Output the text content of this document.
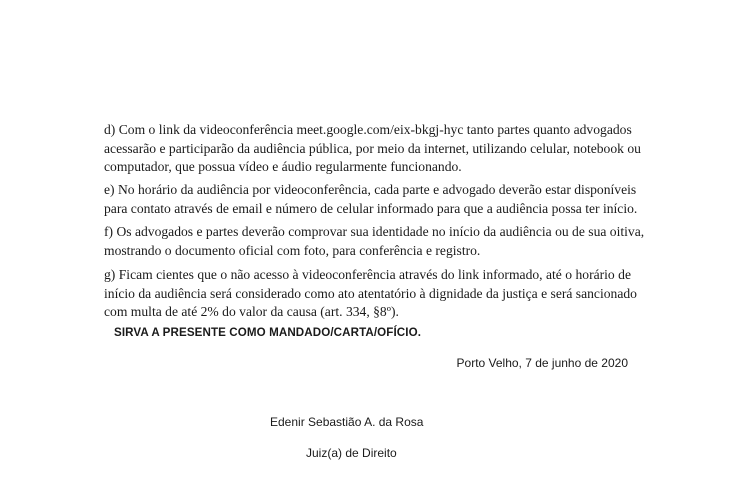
d) Com o link da videoconferência meet.google.com/eix-bkgj-hyc tanto partes quanto advogados
acessarão e participarão da audiência pública, por meio da internet, utilizando celular, notebook ou
computador, que possua vídeo e áudio regularmente funcionando.

e) No horário da audiência por videoconferência, cada parte e advogado deverão estar disponíveis
para contato através de email e número de celular informado para que a audiência possa ter início.

f) Os advogados e partes deverão comprovar sua identidade no início da audiência ou de sua oitiva,
mostrando o documento oficial com foto, para conferência e registro.

g) Ficam cientes que o não acesso à videoconferência através do link informado, até o horário de
início da audiência será considerado como ato atentatório à dignidade da justiça e será sancionado
com multa de até 2% do valor da causa (art. 334, §8º).

SIRVA A PRESENTE COMO MANDADO/CARTA/OFÍCIO.
Porto Velho, 7 de junho de 2020
Edenir Sebastião A. da Rosa
Juiz(a) de Direito
